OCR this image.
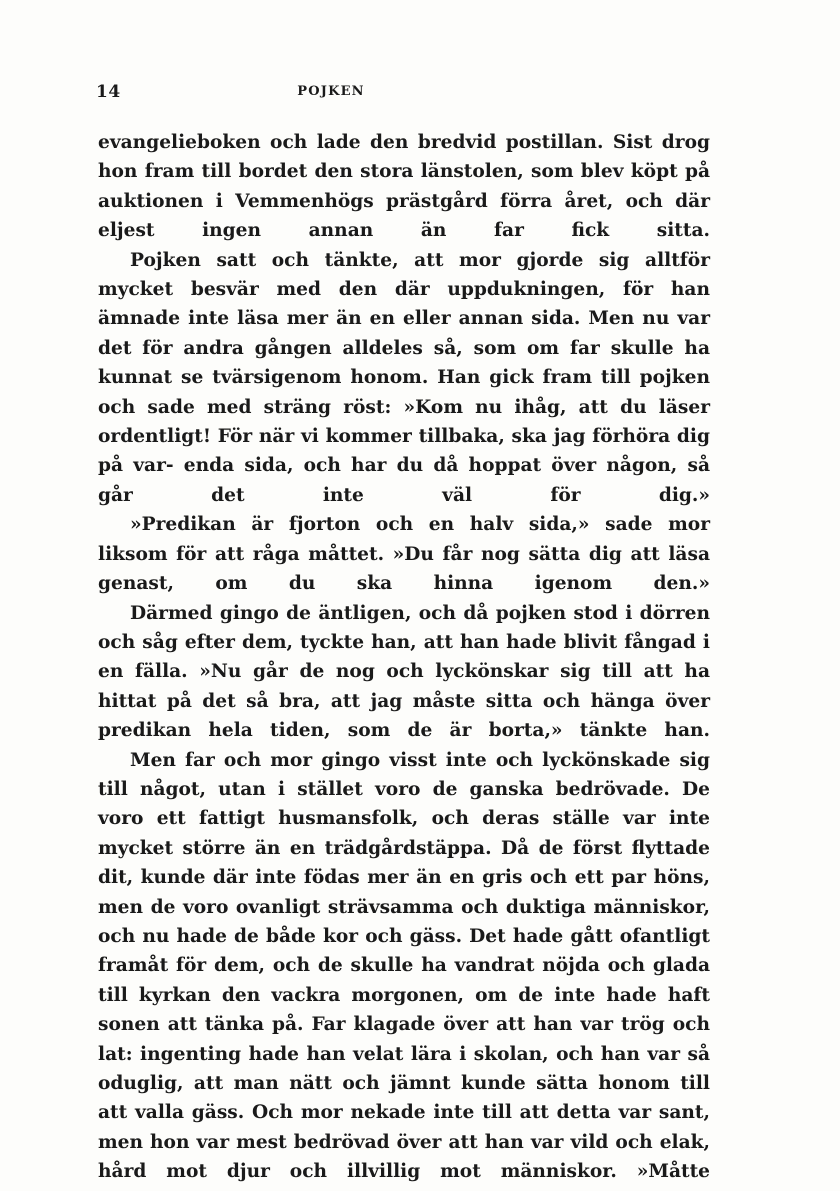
14	POJKEN

evangelieboken och lade den bredvid postillan. Sist drog hon fram till bordet den stora länstolen, som blev köpt på auktionen i Vemmenhögs prästgård förra året, och där eljest ingen annan än far fick sitta.

Pojken satt och tänkte, att mor gjorde sig alltför mycket besvär med den där uppdukningen, för han ämnade inte läsa mer än en eller annan sida. Men nu var det för andra gången alldeles så, som om far skulle ha kunnat se tvärsigenom honom. Han gick fram till pojken och sade med sträng röst: »Kom nu ihåg, att du läser ordentligt! För när vi kommer tillbaka, ska jag förhöra dig på var- enda sida, och har du då hoppat över någon, så går det inte väl för dig.»

»Predikan är fjorton och en halv sida,» sade mor liksom för att råga måttet. »Du får nog sätta dig att läsa genast, om du ska hinna igenom den.»

Därmed gingo de äntligen, och då pojken stod i dörren och såg efter dem, tyckte han, att han hade blivit fångad i en fälla. »Nu går de nog och lyckönskar sig till att ha hittat på det så bra, att jag måste sitta och hänga över predikan hela tiden, som de är borta,» tänkte han.

Men far och mor gingo visst inte och lyckönskade sig till något, utan i stället voro de ganska bedrövade. De voro ett fattigt husmansfolk, och deras ställe var inte mycket större än en trädgårdstäppa. Då de först flyttade dit, kunde där inte födas mer än en gris och ett par höns, men de voro ovanligt strävsamma och duktiga människor, och nu hade de både kor och gäss. Det hade gått ofantligt framåt för dem, och de skulle ha vandrat nöjda och glada till kyrkan den vackra morgonen, om de inte hade haft sonen att tänka på. Far klagade över att han var trög och lat: ingenting hade han velat lära i skolan, och han var så oduglig, att man nätt och jämnt kunde sätta honom till att valla gäss. Och mor nekade inte till att detta var sant, men hon var mest bedrövad över att han var vild och elak, hård mot djur och illvillig mot människor. »Måtte
